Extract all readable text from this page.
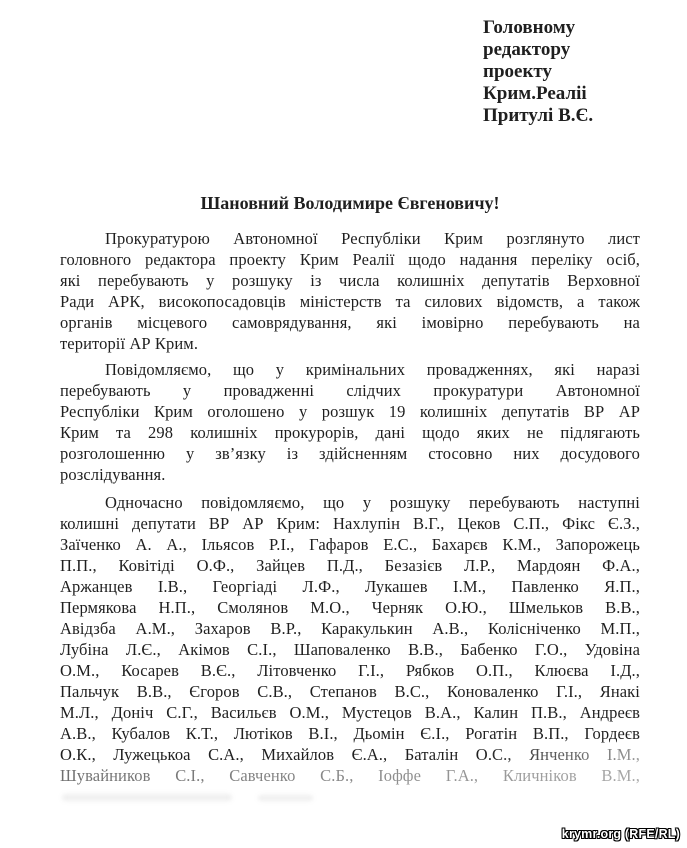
Головному
редактору
проекту
Крим.Реаліі
Притулі В.Є.
Шановний Володимире Євгеновичу!
Прокуратурою Автономної Республіки Крим розглянуто лист
головного редактора проекту Крим Реалії щодо надання переліку осіб,
які перебувають у розшуку із числа колишніх депутатів Верховної
Ради АРК, високопосадовців міністерств та силових відомств, а також
органів місцевого самоврядування, які імовірно перебувають на
території АР Крим.
Повідомляємо, що у кримінальних провадженнях, які наразі
перебувають у провадженні слідчих прокуратури Автономної
Республіки Крим оголошено у розшук 19 колишніх депутатів ВР АР
Крим та 298 колишніх прокурорів, дані щодо яких не підлягають
розголошенню у зв’язку із здійсненням стосовно них досудового
розслідування.
Одночасно повідомляємо, що у розшуку перебувають наступні
колишні депутати ВР АР Крим: Нахлупін В.Г., Цеков С.П., Фікс Є.З.,
Заїченко А. А., Ільясов Р.І., Гафаров Е.С., Бахарєв К.М., Запорожець
П.П., Ковітіді О.Ф., Зайцев П.Д., Безазієв Л.Р., Мардоян Ф.А.,
Аржанцев І.В., Георгіаді Л.Ф., Лукашев І.М., Павленко Я.П.,
Пермякова Н.П., Смолянов М.О., Черняк О.Ю., Шмельков В.В.,
Авідзба А.М., Захаров В.Р., Каракулькин А.В., Колісніченко М.П.,
Лубіна Л.Є., Акімов С.І., Шаповаленко В.В., Бабенко Г.О., Удовіна
О.М., Косарев В.Є., Літовченко Г.І., Рябков О.П., Клюєва І.Д.,
Пальчук В.В., Єгоров С.В., Степанов В.С., Коноваленко Г.І., Янакі
М.Л., Доніч С.Г., Васильєв О.М., Мустецов В.А., Калин П.В., Андреєв
А.В., Кубалов К.Т., Лютіков В.І., Дьомін Є.І., Рогатін В.П., Гордеєв
О.К., Лужецькоа С.А., Михайлов Є.А., Баталін О.С., Янченко І.М.,
Шувайников С.І., Савченко С.Б., Іоффе Г.А., Кличніков В.М.,
krymr.org (RFE/RL)
